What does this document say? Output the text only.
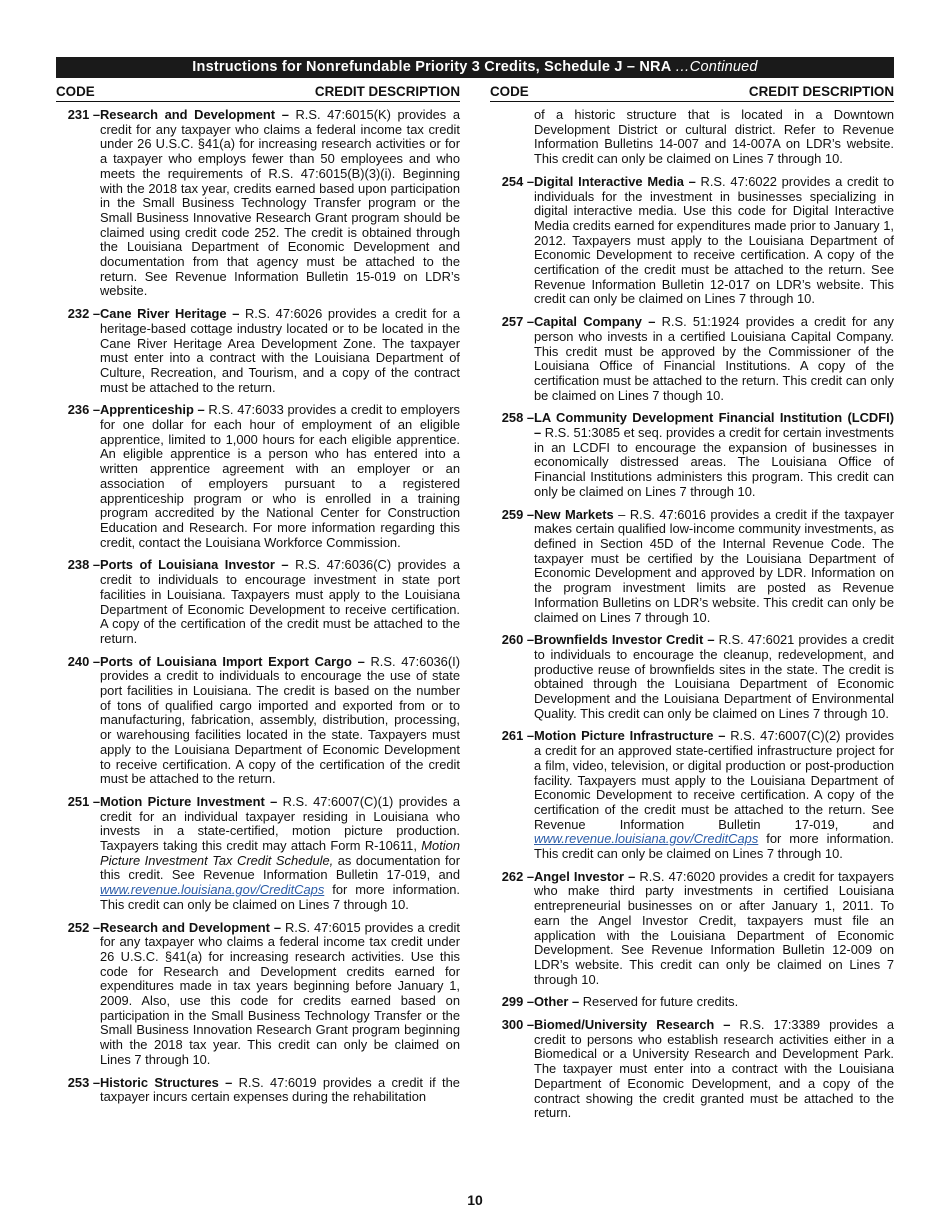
Instructions for Nonrefundable Priority 3 Credits, Schedule J – NRA …Continued
CODE	CREDIT DESCRIPTION
231 – Research and Development – R.S. 47:6015(K) provides a credit for any taxpayer who claims a federal income tax credit under 26 U.S.C. §41(a) for increasing research activities or for a taxpayer who employs fewer than 50 employees and who meets the requirements of R.S. 47:6015(B)(3)(i). Beginning with the 2018 tax year, credits earned based upon participation in the Small Business Technology Transfer program or the Small Business Innovative Research Grant program should be claimed using credit code 252. The credit is obtained through the Louisiana Department of Economic Development and documentation from that agency must be attached to the return. See Revenue Information Bulletin 15-019 on LDR’s website.
232 – Cane River Heritage – R.S. 47:6026 provides a credit for a heritage-based cottage industry located or to be located in the Cane River Heritage Area Development Zone. The taxpayer must enter into a contract with the Louisiana Department of Culture, Recreation, and Tourism, and a copy of the contract must be attached to the return.
236 – Apprenticeship – R.S. 47:6033 provides a credit to employers for one dollar for each hour of employment of an eligible apprentice, limited to 1,000 hours for each eligible apprentice. An eligible apprentice is a person who has entered into a written apprentice agreement with an employer or an association of employers pursuant to a registered apprenticeship program or who is enrolled in a training program accredited by the National Center for Construction Education and Research. For more information regarding this credit, contact the Louisiana Workforce Commission.
238 – Ports of Louisiana Investor – R.S. 47:6036(C) provides a credit to individuals to encourage investment in state port facilities in Louisiana. Taxpayers must apply to the Louisiana Department of Economic Development to receive certification. A copy of the certification of the credit must be attached to the return.
240 – Ports of Louisiana Import Export Cargo – R.S. 47:6036(I) provides a credit to individuals to encourage the use of state port facilities in Louisiana. The credit is based on the number of tons of qualified cargo imported and exported from or to manufacturing, fabrication, assembly, distribution, processing, or warehousing facilities located in the state. Taxpayers must apply to the Louisiana Department of Economic Development to receive certification. A copy of the certification of the credit must be attached to the return.
251 – Motion Picture Investment – R.S. 47:6007(C)(1) provides a credit for an individual taxpayer residing in Louisiana who invests in a state-certified, motion picture production. Taxpayers taking this credit may attach Form R-10611, Motion Picture Investment Tax Credit Schedule, as documentation for this credit. See Revenue Information Bulletin 17-019, and www.revenue.louisiana.gov/CreditCaps for more information. This credit can only be claimed on Lines 7 through 10.
252 – Research and Development – R.S. 47:6015 provides a credit for any taxpayer who claims a federal income tax credit under 26 U.S.C. §41(a) for increasing research activities. Use this code for Research and Development credits earned for expenditures made in tax years beginning before January 1, 2009. Also, use this code for credits earned based on participation in the Small Business Technology Transfer or the Small Business Innovation Research Grant program beginning with the 2018 tax year. This credit can only be claimed on Lines 7 through 10.
253 – Historic Structures – R.S. 47:6019 provides a credit if the taxpayer incurs certain expenses during the rehabilitation
CODE	CREDIT DESCRIPTION
of a historic structure that is located in a Downtown Development District or cultural district. Refer to Revenue Information Bulletins 14-007 and 14-007A on LDR’s website. This credit can only be claimed on Lines 7 through 10.
254 – Digital Interactive Media – R.S. 47:6022 provides a credit to individuals for the investment in businesses specializing in digital interactive media. Use this code for Digital Interactive Media credits earned for expenditures made prior to January 1, 2012. Taxpayers must apply to the Louisiana Department of Economic Development to receive certification. A copy of the certification of the credit must be attached to the return. See Revenue Information Bulletin 12-017 on LDR’s website. This credit can only be claimed on Lines 7 through 10.
257 – Capital Company – R.S. 51:1924 provides a credit for any person who invests in a certified Louisiana Capital Company. This credit must be approved by the Commissioner of the Louisiana Office of Financial Institutions. A copy of the certification must be attached to the return. This credit can only be claimed on Lines 7 though 10.
258 – LA Community Development Financial Institution (LCDFI) – R.S. 51:3085 et seq. provides a credit for certain investments in an LCDFI to encourage the expansion of businesses in economically distressed areas. The Louisiana Office of Financial Institutions administers this program. This credit can only be claimed on Lines 7 through 10.
259 – New Markets – R.S. 47:6016 provides a credit if the taxpayer makes certain qualified low-income community investments, as defined in Section 45D of the Internal Revenue Code. The taxpayer must be certified by the Louisiana Department of Economic Development and approved by LDR. Information on the program investment limits are posted as Revenue Information Bulletins on LDR’s website. This credit can only be claimed on Lines 7 through 10.
260 – Brownfields Investor Credit – R.S. 47:6021 provides a credit to individuals to encourage the cleanup, redevelopment, and productive reuse of brownfields sites in the state. The credit is obtained through the Louisiana Department of Economic Development and the Louisiana Department of Environmental Quality. This credit can only be claimed on Lines 7 through 10.
261 – Motion Picture Infrastructure – R.S. 47:6007(C)(2) provides a credit for an approved state-certified infrastructure project for a film, video, television, or digital production or post-production facility. Taxpayers must apply to the Louisiana Department of Economic Development to receive certification. A copy of the certification of the credit must be attached to the return. See Revenue Information Bulletin 17-019, and www.revenue.louisiana.gov/CreditCaps for more information. This credit can only be claimed on Lines 7 through 10.
262 – Angel Investor – R.S. 47:6020 provides a credit for taxpayers who make third party investments in certified Louisiana entrepreneurial businesses on or after January 1, 2011. To earn the Angel Investor Credit, taxpayers must file an application with the Louisiana Department of Economic Development. See Revenue Information Bulletin 12-009 on LDR’s website. This credit can only be claimed on Lines 7 through 10.
299 – Other – Reserved for future credits.
300 – Biomed/University Research – R.S. 17:3389 provides a credit to persons who establish research activities either in a Biomedical or a University Research and Development Park. The taxpayer must enter into a contract with the Louisiana Department of Economic Development, and a copy of the contract showing the credit granted must be attached to the return.
10
